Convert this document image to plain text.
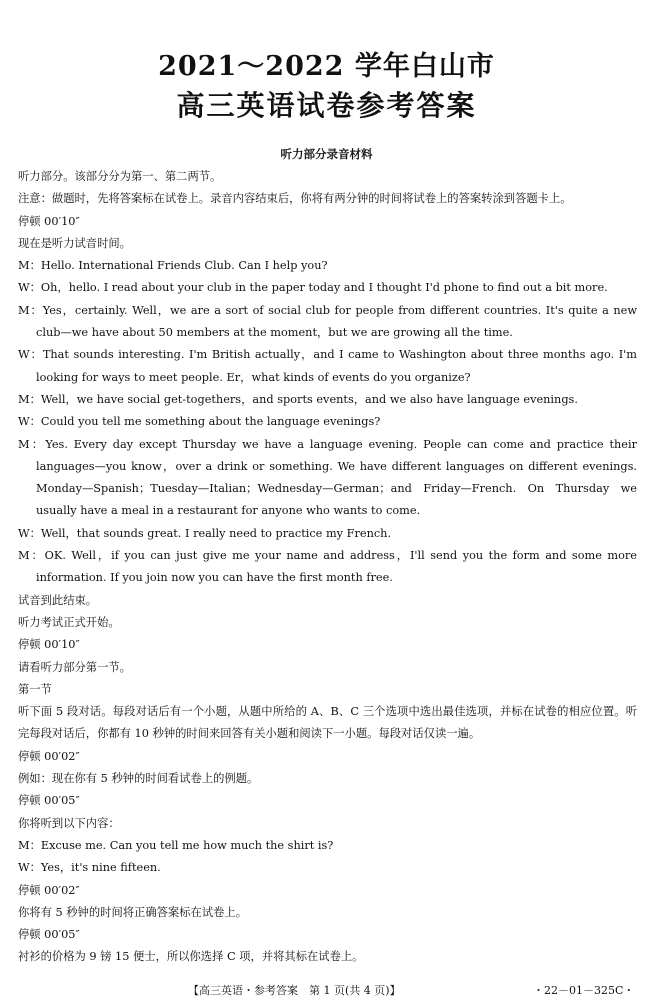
2021～2022 学年白山市
高三英语试卷参考答案
听力部分录音材料
听力部分。该部分分为第一、第二两节。
注意：做题时，先将答案标在试卷上。录音内容结束后，你将有两分钟的时间将试卷上的答案转涂到答题卡上。
停顿 00′10″
现在是听力试音时间。
M：Hello. International Friends Club. Can I help you?
W：Oh，hello. I read about your club in the paper today and I thought I'd phone to find out a bit more.
M：Yes，certainly. Well，we are a sort of social club for people from different countries. It's quite a new club—we have about 50 members at the moment，but we are growing all the time.
W：That sounds interesting. I'm British actually，and I came to Washington about three months ago. I'm looking for ways to meet people. Er，what kinds of events do you organize?
M：Well，we have social get-togethers，and sports events，and we also have language evenings.
W：Could you tell me something about the language evenings?
M：Yes. Every day except Thursday we have a language evening. People can come and practice their languages—you know，over a drink or something. We have different languages on different evenings. Monday—Spanish；Tuesday—Italian；Wednesday—German；and Friday—French. On Thursday we usually have a meal in a restaurant for anyone who wants to come.
W：Well，that sounds great. I really need to practice my French.
M：OK. Well，if you can just give me your name and address，I'll send you the form and some more information. If you join now you can have the first month free.
试音到此结束。
听力考试正式开始。
停顿 00′10″
请看听力部分第一节。
第一节
听下面 5 段对话。每段对话后有一个小题，从题中所给的 A、B、C 三个选项中选出最佳选项，并标在试卷的相应位置。听完每段对话后，你都有 10 秒钟的时间来回答有关小题和阅读下一小题。每段对话仅读一遍。
停顿 00′02″
例如：现在你有 5 秒钟的时间看试卷上的例题。
停顿 00′05″
你将听到以下内容：
M：Excuse me. Can you tell me how much the shirt is?
W：Yes，it's nine fifteen.
停顿 00′02″
你将有 5 秒钟的时间将正确答案标在试卷上。
停顿 00′05″
衬衫的价格为 9 镑 15 便士，所以你选择 C 项，并将其标在试卷上。
【高三英语・参考答案　第 1 页(共 4 页)】	・22－01－325C・
